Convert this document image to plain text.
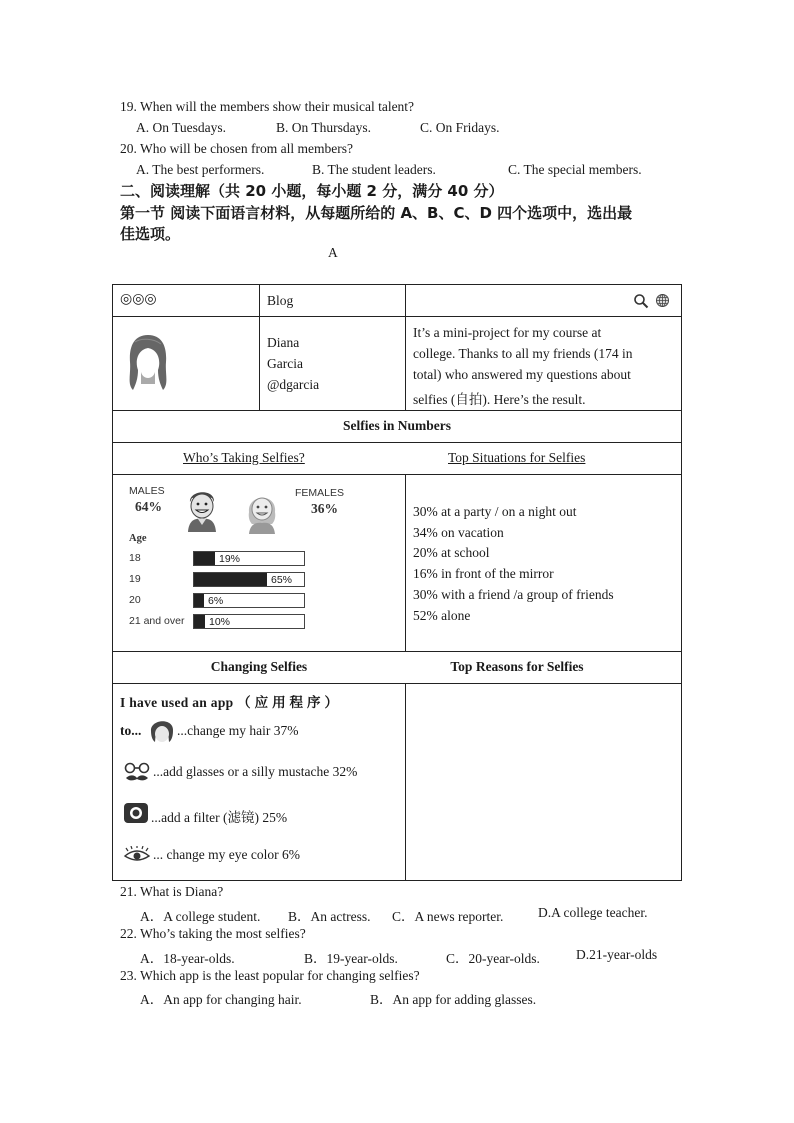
19. When will the members show their musical talent?
A. On Tuesdays.	B. On Thursdays.	C. On Fridays.
20. Who will be chosen from all members?
A. The best performers.	B. The student leaders.	C. The special members.
二、阅读理解（共 20 小题，每小题 2 分，满分 40 分）
第一节 阅读下面语言材料，从每题所给的 A、B、C、D 四个选项中，选出最
佳选项。
A
◎◎◎	Blog
Diana
Garcia
@dgarcia
It’s a mini-project for my course at
college. Thanks to all my friends (174 in
total) who answered my questions about
selfies (自拍). Here’s the result.
Selfies in Numbers
Who’s Taking Selfies?	Top Situations for Selfies
MALES
64%
FEMALES
36%
Age
18	19%
19	65%
20	6%
21 and over 10%
30% at a party / on a night out
34% on vacation
20% at school
16% in front of the mirror
30% with a friend /a group of friends
52% alone
Changing Selfies	Top Reasons for Selfies
I have used an app （ 应 用 程 序 ）
to...	...change my hair 37%
...add glasses or a silly mustache 32%
...add a filter (滤镜) 25%
... change my eye color 6%
21. What is Diana?
A．A college student. B．An actress. C．A news reporter.	D.A college teacher.
22. Who’s taking the most selfies?
A．18-year-olds.	B．19-year-olds.	C．20-year-olds.	D.21-year-olds
23. Which app is the least popular for changing selfies?
A．An app for changing hair.	B．An app for adding glasses.
